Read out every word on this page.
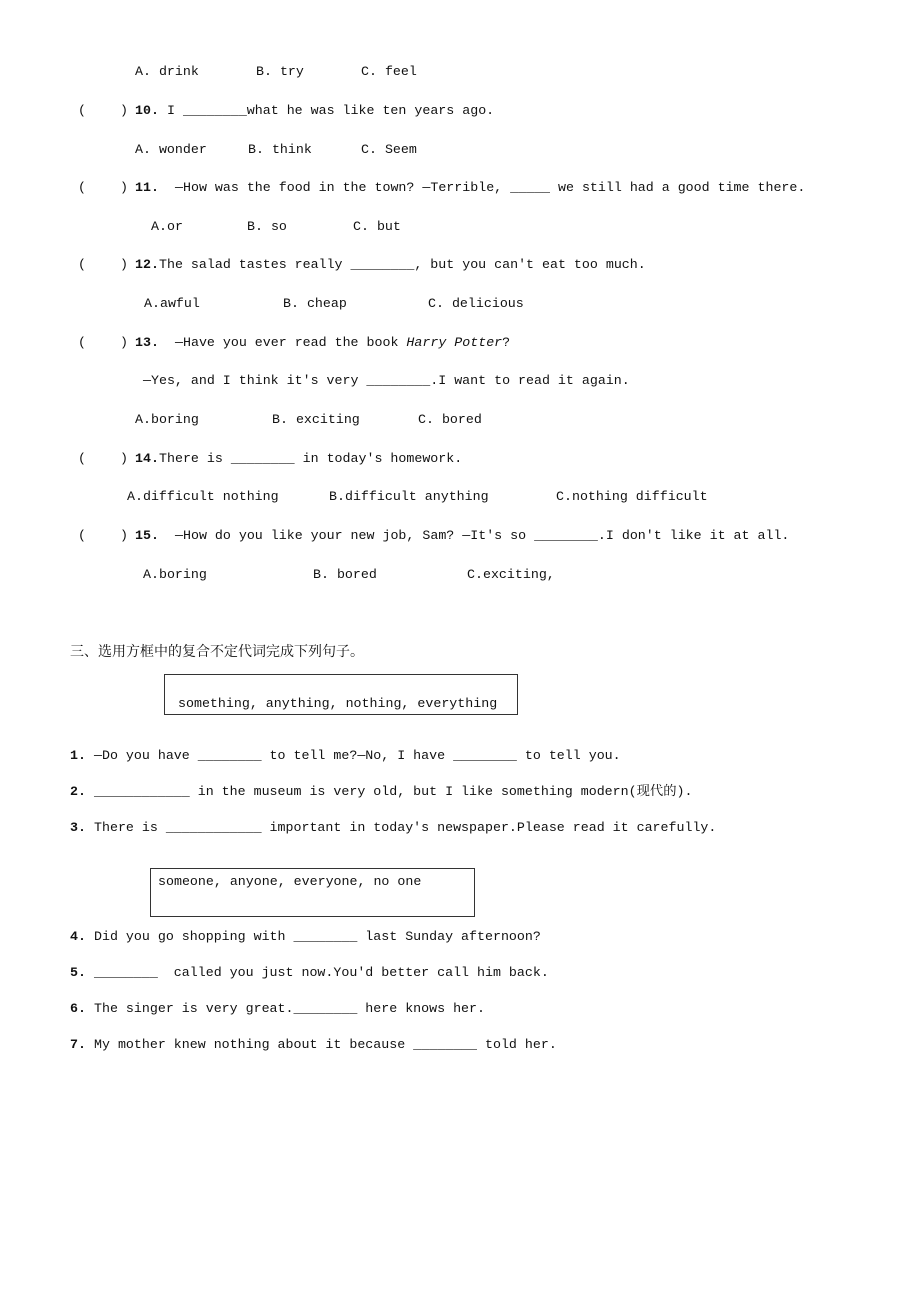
A. drink	B. try	C. feel
(	) 10. I ________what he was like ten years ago.
A. wonder	B. think	C. Seem
(	) 11. —How was the food in the town? —Terrible, _____ we still had a good time there.
A.or	B. so	C. but
(	) 12. The salad tastes really ________, but you can't eat too much.
A.awful	B. cheap	C. delicious
(	) 13. —Have you ever read the book Harry Potter?
—Yes, and I think it's very ________.I want to read it again.
A.boring	B. exciting	C. bored
(	) 14. There is ________ in today's homework.
A.difficult nothing	B.difficult anything	C.nothing difficult
(	) 15. —How do you like your new job, Sam? —It's so ________.I don't like it at all.
A.boring	B. bored	C.exciting,
三、选用方框中的复合不定代词完成下列句子。
something, anything, nothing, everything
1. —Do you have ________ to tell me?—No, I have ________ to tell you.
2. ____________ in the museum is very old, but I like something modern(现代的).
3. There is ____________ important in today's newspaper.Please read it carefully.
someone, anyone, everyone, no one
4. Did you go shopping with ________ last Sunday afternoon?
5. ________  called you just now.You'd better call him back.
6. The singer is very great.________ here knows her.
7. My mother knew nothing about it because ________ told her.
